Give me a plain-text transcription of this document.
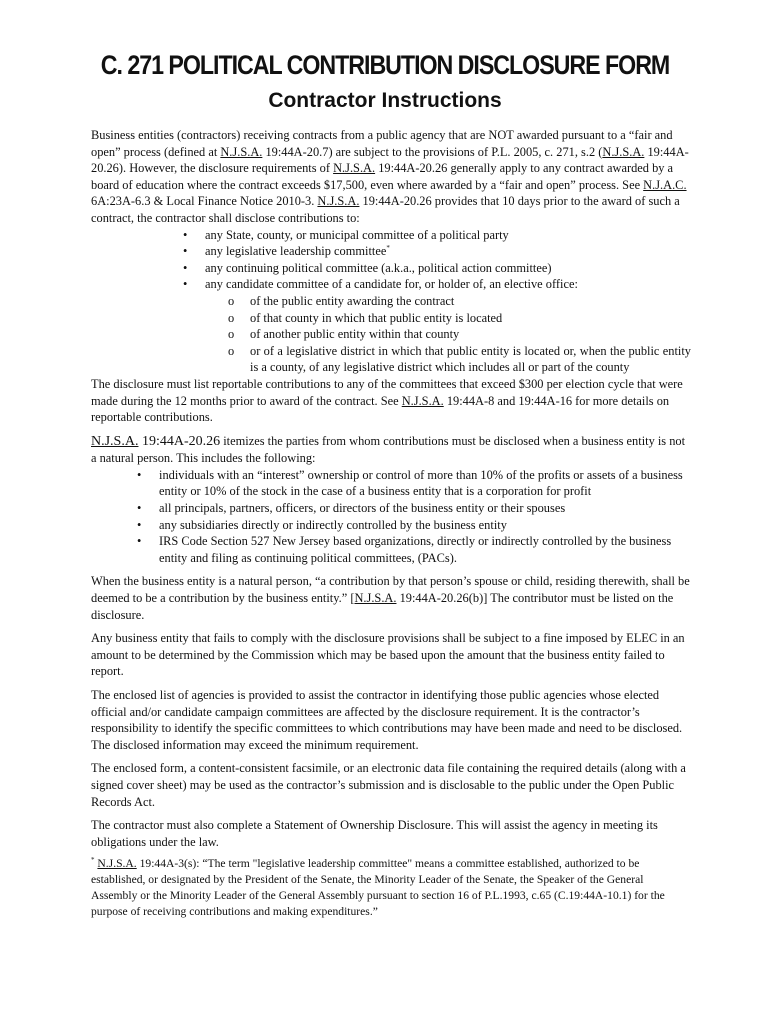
C. 271 POLITICAL CONTRIBUTION DISCLOSURE FORM
Contractor Instructions

Business entities (contractors) receiving contracts from a public agency that are NOT awarded pursuant to a “fair and open” process (defined at N.J.S.A. 19:44A-20.7) are subject to the provisions of P.L. 2005, c. 271, s.2 (N.J.S.A. 19:44A-20.26). However, the disclosure requirements of N.J.S.A. 19:44A-20.26 generally apply to any contract awarded by a board of education where the contract exceeds $17,500, even where awarded by a “fair and open” process. See N.J.A.C. 6A:23A-6.3 & Local Finance Notice 2010-3. N.J.S.A. 19:44A-20.26 provides that 10 days prior to the award of such a contract, the contractor shall disclose contributions to:

• any State, county, or municipal committee of a political party
• any legislative leadership committee*
• any continuing political committee (a.k.a., political action committee)
• any candidate committee of a candidate for, or holder of, an elective office:
o of the public entity awarding the contract
o of that county in which that public entity is located
o of another public entity within that county
o or of a legislative district in which that public entity is located or, when the public entity is a county, of any legislative district which includes all or part of the county

The disclosure must list reportable contributions to any of the committees that exceed $300 per election cycle that were made during the 12 months prior to award of the contract. See N.J.S.A. 19:44A-8 and 19:44A-16 for more details on reportable contributions.

N.J.S.A. 19:44A-20.26 itemizes the parties from whom contributions must be disclosed when a business entity is not a natural person. This includes the following:

• individuals with an “interest” ownership or control of more than 10% of the profits or assets of a business entity or 10% of the stock in the case of a business entity that is a corporation for profit
• all principals, partners, officers, or directors of the business entity or their spouses
• any subsidiaries directly or indirectly controlled by the business entity
• IRS Code Section 527 New Jersey based organizations, directly or indirectly controlled by the business entity and filing as continuing political committees, (PACs).

When the business entity is a natural person, “a contribution by that person’s spouse or child, residing therewith, shall be deemed to be a contribution by the business entity.” [N.J.S.A. 19:44A-20.26(b)] The contributor must be listed on the disclosure.

Any business entity that fails to comply with the disclosure provisions shall be subject to a fine imposed by ELEC in an amount to be determined by the Commission which may be based upon the amount that the business entity failed to report.

The enclosed list of agencies is provided to assist the contractor in identifying those public agencies whose elected official and/or candidate campaign committees are affected by the disclosure requirement. It is the contractor’s responsibility to identify the specific committees to which contributions may have been made and need to be disclosed. The disclosed information may exceed the minimum requirement.

The enclosed form, a content-consistent facsimile, or an electronic data file containing the required details (along with a signed cover sheet) may be used as the contractor’s submission and is disclosable to the public under the Open Public Records Act.

The contractor must also complete a Statement of Ownership Disclosure. This will assist the agency in meeting its obligations under the law.

* N.J.S.A. 19:44A-3(s): “The term "legislative leadership committee" means a committee established, authorized to be established, or designated by the President of the Senate, the Minority Leader of the Senate, the Speaker of the General Assembly or the Minority Leader of the General Assembly pursuant to section 16 of P.L.1993, c.65 (C.19:44A-10.1) for the purpose of receiving contributions and making expenditures.”
